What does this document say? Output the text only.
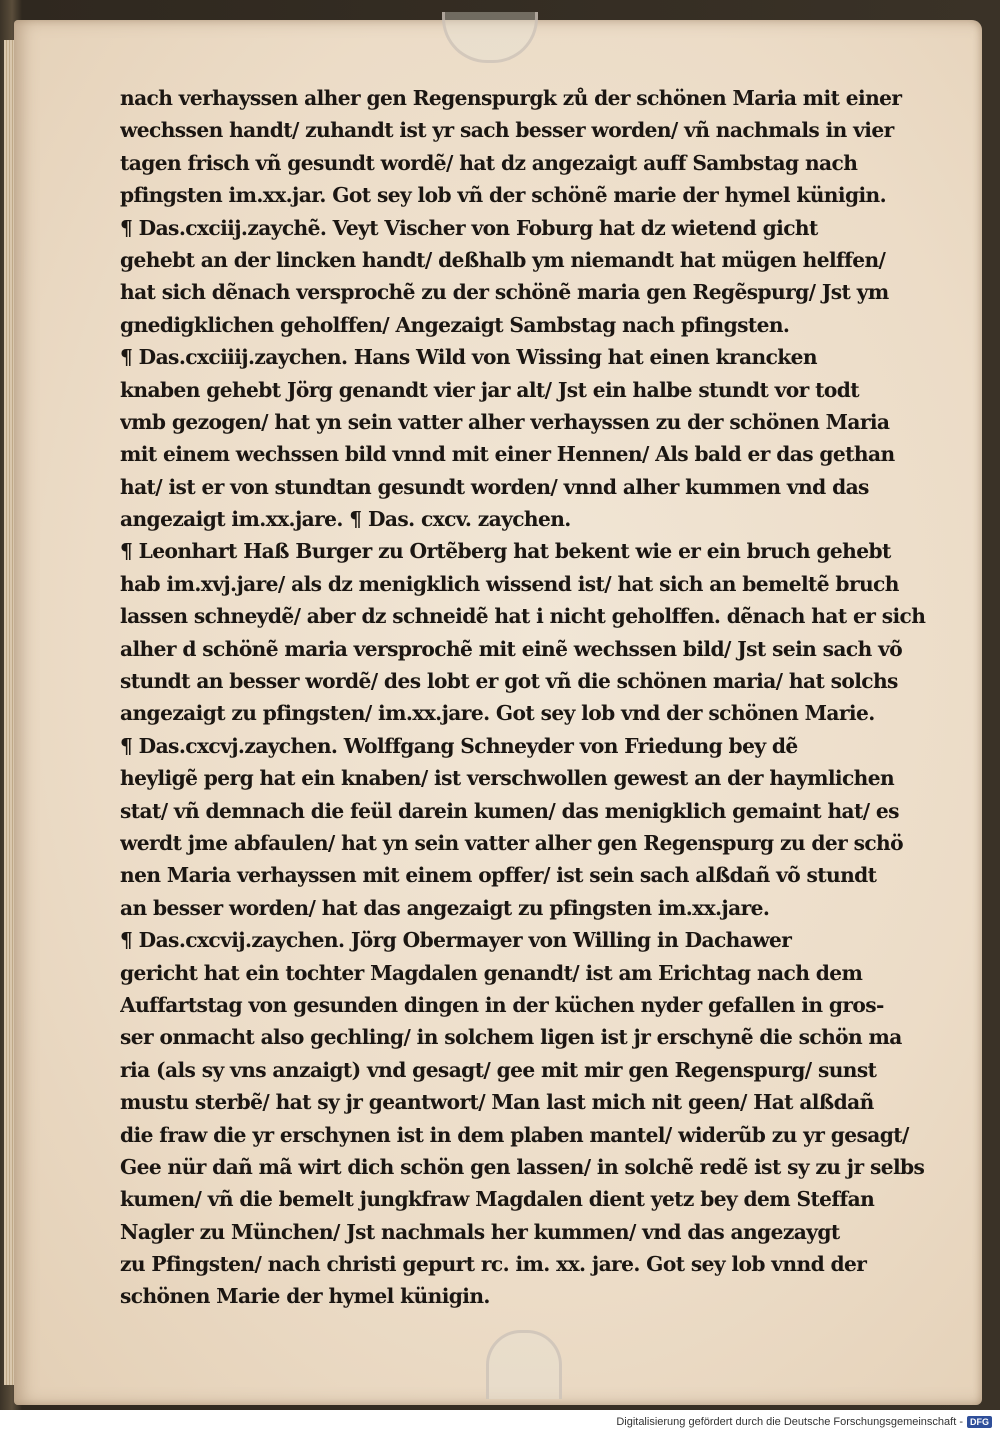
nach verhayssen alher gen Regenspurgk zů der schönen Maria mit einer
wechssen handt/ zuhandt ist yr sach besser worden/ vñ nachmals in vier
tagen frisch vñ gesundt wordẽ/ hat dz angezaigt auff Sambstag nach
pfingsten im.xx.jar. Got sey lob vñ der schönẽ marie der hymel künigin.
¶ Das.cxciij.zaychẽ. Veyt Vischer von Foburg hat dz wietend gicht
gehebt an der lincken handt/ deßhalb ym niemandt hat mügen helffen/
hat sich dẽnach versprochẽ zu der schönẽ maria gen Regẽspurg/ Jst ym
gnedigklichen geholffen/ Angezaigt Sambstag nach pfingsten.
¶ Das.cxciiij.zaychen. Hans Wild von Wissing hat einen krancken
knaben gehebt Jörg genandt vier jar alt/ Jst ein halbe stundt vor todt
vmb gezogen/ hat yn sein vatter alher verhayssen zu der schönen Maria
mit einem wechssen bild vnnd mit einer Hennen/ Als bald er das gethan
hat/ ist er von stundtan gesundt worden/ vnnd alher kummen vnd das
angezaigt im.xx.jare. ¶ Das. cxcv. zaychen.
¶ Leonhart Haß Burger zu Ortẽberg hat bekent wie er ein bruch gehebt
hab im.xvj.jare/ als dz menigklich wissend ist/ hat sich an bemeltẽ bruch
lassen schneydẽ/ aber dz schneidẽ hat i nicht geholffen. dẽnach hat er sich
alher d schönẽ maria versprochẽ mit einẽ wechssen bild/ Jst sein sach võ
stundt an besser wordẽ/ des lobt er got vñ die schönen maria/ hat solchs
angezaigt zu pfingsten/ im.xx.jare. Got sey lob vnd der schönen Marie.
¶ Das.cxcvj.zaychen. Wolffgang Schneyder von Friedung bey dẽ
heyligẽ perg hat ein knaben/ ist verschwollen gewest an der haymlichen
stat/ vñ demnach die feül darein kumen/ das menigklich gemaint hat/ es
werdt jme abfaulen/ hat yn sein vatter alher gen Regenspurg zu der schö
nen Maria verhayssen mit einem opffer/ ist sein sach alßdañ võ stundt
an besser worden/ hat das angezaigt zu pfingsten im.xx.jare.
¶ Das.cxcvij.zaychen. Jörg Obermayer von Willing in Dachawer
gericht hat ein tochter Magdalen genandt/ ist am Erichtag nach dem
Auffartstag von gesunden dingen in der küchen nyder gefallen in gros-
ser onmacht also gechling/ in solchem ligen ist jr erschynẽ die schön ma
ria (als sy vns anzaigt) vnd gesagt/ gee mit mir gen Regenspurg/ sunst
mustu sterbẽ/ hat sy jr geantwort/ Man last mich nit geen/ Hat alßdañ
die fraw die yr erschynen ist in dem plaben mantel/ widerũb zu yr gesagt/
Gee nür dañ mã wirt dich schön gen lassen/ in solchẽ redẽ ist sy zu jr selbs
kumen/ vñ die bemelt jungkfraw Magdalen dient yetz bey dem Steffan
Nagler zu München/ Jst nachmals her kummen/ vnd das angezaygt
zu Pfingsten/ nach christi gepurt rc. im. xx. jare. Got sey lob vnnd der
schönen Marie der hymel künigin.
Digitalisierung gefördert durch die Deutsche Forschungsgemeinschaft - DFG
